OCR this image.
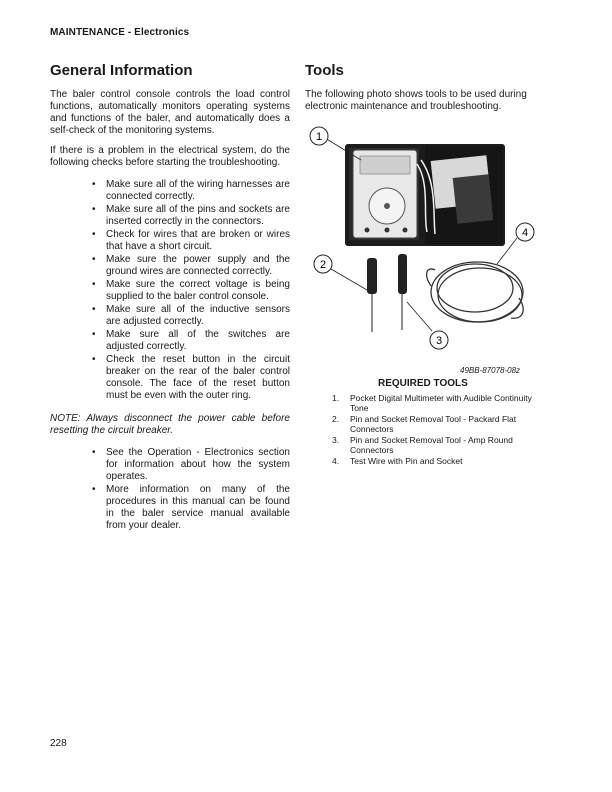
MAINTENANCE - Electronics
General Information

The baler control console controls the load control functions, automatically monitors operating systems and functions of the baler, and automatically does a self-check of the monitoring systems.

If there is a problem in the electrical system, do the following checks before starting the troubleshooting.

• Make sure all of the wiring harnesses are connected correctly.
• Make sure all of the pins and sockets are inserted correctly in the connectors.
• Check for wires that are broken or wires that have a short circuit.
• Make sure the power supply and the ground wires are connected correctly.
• Make sure the correct voltage is being supplied to the baler control console.
• Make sure all of the inductive sensors are adjusted correctly.
• Make sure all of the switches are adjusted correctly.
• Check the reset button in the circuit breaker on the rear of the baler control console. The face of the reset button must be even with the outer ring.

NOTE: Always disconnect the power cable before resetting the circuit breaker.

• See the Operation - Electronics section for information about how the system operates.
• More information on many of the procedures in this manual can be found in the baler service manual available from your dealer.
Tools

The following photo shows tools to be used during electronic maintenance and troubleshooting.

1
2
3
4
49BB-87078-08z
REQUIRED TOOLS
1. Pocket Digital Multimeter with Audible Continuity Tone
2. Pin and Socket Removal Tool - Packard Flat Connectors
3. Pin and Socket Removal Tool - Amp Round Connectors
4. Test Wire with Pin and Socket
228
